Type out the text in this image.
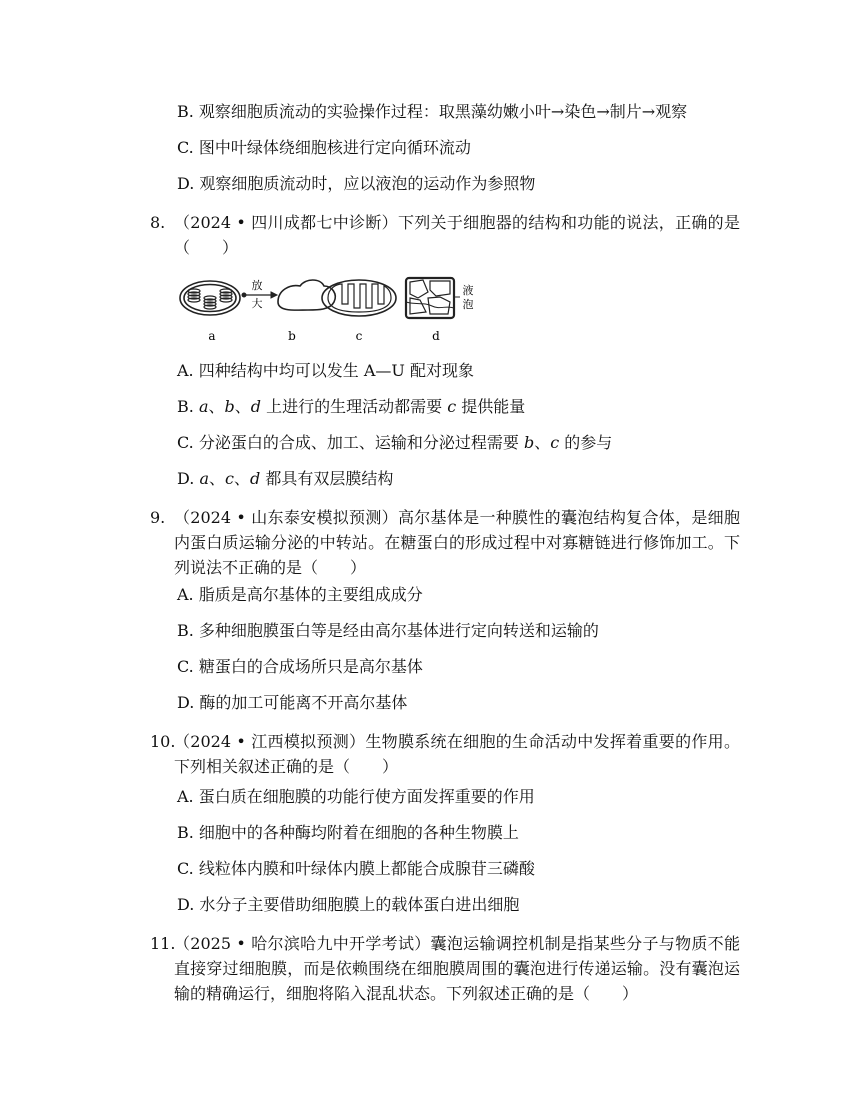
B. 观察细胞质流动的实验操作过程：取黑藻幼嫩小叶→染色→制片→观察
C. 图中叶绿体绕细胞核进行定向循环流动
D. 观察细胞质流动时，应以液泡的运动作为参照物
8. （2024 • 四川成都七中诊断）下列关于细胞器的结构和功能的说法，正确的是（　　）
放
大
液
泡
a	b	c	d
A. 四种结构中均可以发生 A—U 配对现象
B. a、b、d 上进行的生理活动都需要 c 提供能量
C. 分泌蛋白的合成、加工、运输和分泌过程需要 b、c 的参与
D. a、c、d 都具有双层膜结构
9. （2024 • 山东泰安模拟预测）高尔基体是一种膜性的囊泡结构复合体，是细胞内蛋白质运输分泌的中转站。在糖蛋白的形成过程中对寡糖链进行修饰加工。下列说法不正确的是（　　）
A. 脂质是高尔基体的主要组成成分
B. 多种细胞膜蛋白等是经由高尔基体进行定向转送和运输的
C. 糖蛋白的合成场所只是高尔基体
D. 酶的加工可能离不开高尔基体
10.
（2024 • 江西模拟预测）生物膜系统在细胞的生命活动中发挥着重要的作用。下列相关叙述正确的是（　　）
A. 蛋白质在细胞膜的功能行使方面发挥重要的作用
B. 细胞中的各种酶均附着在细胞的各种生物膜上
C. 线粒体内膜和叶绿体内膜上都能合成腺苷三磷酸
D. 水分子主要借助细胞膜上的载体蛋白进出细胞
11.
（2025 • 哈尔滨哈九中开学考试）囊泡运输调控机制是指某些分子与物质不能直接穿过细胞膜，而是依赖围绕在细胞膜周围的囊泡进行传递运输。没有囊泡运输的精确运行，细胞将陷入混乱状态。下列叙述正确的是（　　）
